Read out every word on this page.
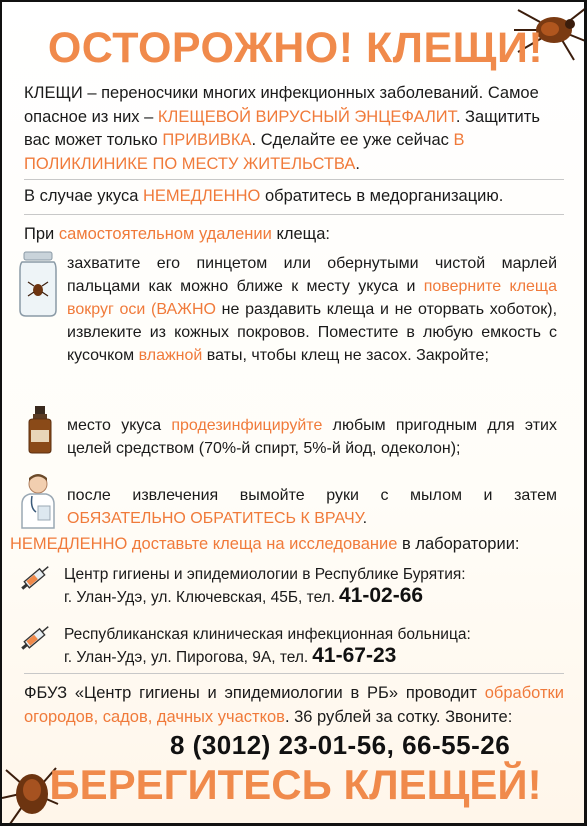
ОСТОРОЖНО! КЛЕЩИ!
КЛЕЩИ – переносчики многих инфекционных заболеваний. Самое опасное из них – КЛЕЩЕВОЙ ВИРУСНЫЙ ЭНЦЕФАЛИТ. Защитить вас может только ПРИВИВКА. Сделайте ее уже сейчас В ПОЛИКЛИНИКЕ ПО МЕСТУ ЖИТЕЛЬСТВА.
В случае укуса НЕМЕДЛЕННО обратитесь в медорганизацию.
При самостоятельном удалении клеща:
захватите его пинцетом или обернутыми чистой марлей пальцами как можно ближе к месту укуса и поверните клеща вокруг оси (ВАЖНО не раздавить клеща и не оторвать хоботок), извлеките из кожных покровов. Поместите в любую емкость с кусочком влажной ваты, чтобы клещ не засох. Закройте;
место укуса продезинфицируйте любым пригодным для этих целей средством (70%-й спирт, 5%-й йод, одеколон);
после извлечения вымойте руки с мылом и затем ОБЯЗАТЕЛЬНО ОБРАТИТЕСЬ К ВРАЧУ.
НЕМЕДЛЕННО доставьте клеща на исследование в лаборатории:
Центр гигиены и эпидемиологии в Республике Бурятия:
г. Улан-Удэ, ул. Ключевская, 45Б, тел. 41-02-66
Республиканская клиническая инфекционная больница:
г. Улан-Удэ, ул. Пирогова, 9А, тел. 41-67-23
ФБУЗ «Центр гигиены и эпидемиологии в РБ» проводит обработки огородов, садов, дачных участков. 36 рублей за сотку. Звоните:
8 (3012) 23-01-56, 66-55-26
БЕРЕГИТЕСЬ КЛЕЩЕЙ!
